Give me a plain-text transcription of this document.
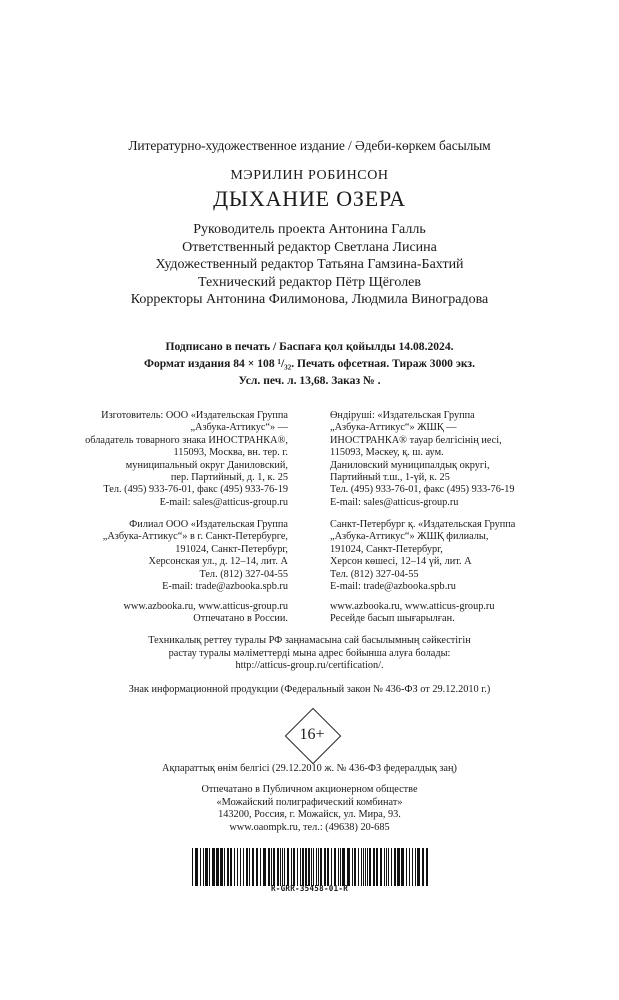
Литературно-художественное издание / Әдеби-көркем басылым
МЭРИЛИН РОБИНСОН
ДЫХАНИЕ ОЗЕРА
Руководитель проекта Антонина Галль
Ответственный редактор Светлана Лисина
Художественный редактор Татьяна Гамзина-Бахтий
Технический редактор Пётр Щёголев
Корректоры Антонина Филимонова, Людмила Виноградова
Подписано в печать / Баспаға қол қойылды 14.08.2024.
Формат издания 84 × 108 ¹/₃₂. Печать офсетная. Тираж 3000 экз.
Усл. печ. л. 13,68. Заказ № .
Изготовитель: ООО «Издательская Группа
„Азбука-Аттикус“» —
обладатель товарного знака ИНОСТРАНКА®,
115093, Москва, вн. тер. г.
муниципальный округ Даниловский,
пер. Партийный, д. 1, к. 25
Тел. (495) 933-76-01, факс (495) 933-76-19
E-mail: sales@atticus-group.ru
Өндіруші: «Издательская Группа
„Азбука-Аттикус“» ЖШҚ —
ИНОСТРАНКА® тауар белгісінің иесі,
115093, Мәскеу, қ. ш. аум.
Даниловский муниципалдық округі,
Партийный т.ш., 1-үй, к. 25
Тел. (495) 933-76-01, факс (495) 933-76-19
E-mail: sales@atticus-group.ru
Филиал ООО «Издательская Группа
„Азбука-Аттикус“» в г. Санкт-Петербурге,
191024, Санкт-Петербург,
Херсонская ул., д. 12–14, лит. А
Тел. (812) 327-04-55
E-mail: trade@azbooka.spb.ru
Санкт-Петербург қ. «Издательская Группа
„Азбука-Аттикус“» ЖШҚ филиалы,
191024, Санкт-Петербург,
Херсон көшесі, 12–14 үй, лит. А
Тел. (812) 327-04-55
E-mail: trade@azbooka.spb.ru
www.azbooka.ru, www.atticus-group.ru
Отпечатано в России.
www.azbooka.ru, www.atticus-group.ru
Ресейде басып шығарылған.
Техникалық реттеу туралы РФ заңнамасына сай басылымның сәйкестігін
растау туралы мәліметтерді мына адрес бойынша алуға болады:
http://atticus-group.ru/certification/.
Знак информационной продукции (Федеральный закон № 436-ФЗ от 29.12.2010 г.)
16+
Ақпараттық өнім белгісі (29.12.2010 ж. № 436-ФЗ федералдық заң)
Отпечатано в Публичном акционерном обществе
«Можайский полиграфический комбинат»
143200, Россия, г. Можайск, ул. Мира, 93.
www.oaompk.ru, тел.: (49638) 20-685
R-GRR-35458-01-R
